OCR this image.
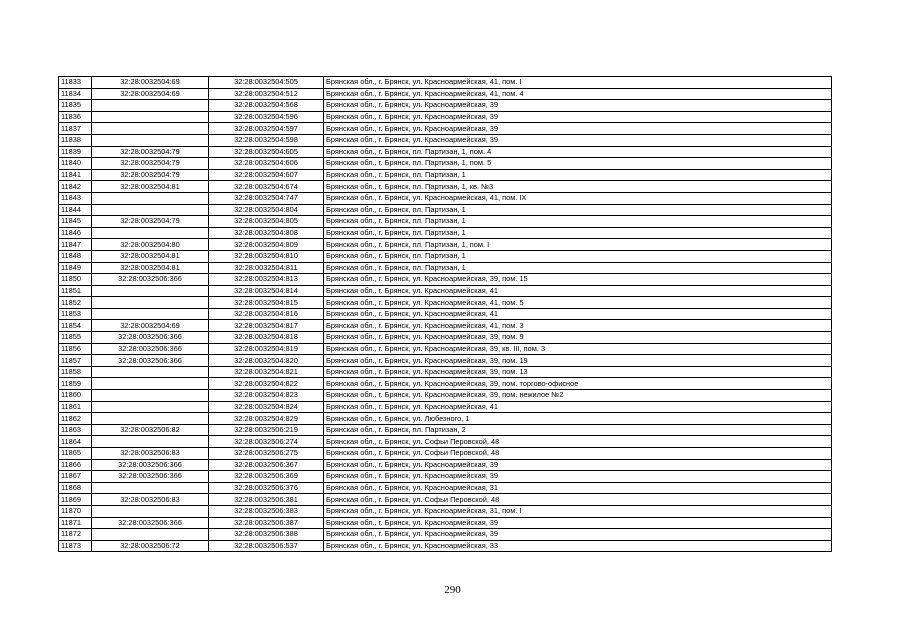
11833	32:28:0032504:69	32:28:0032504:505	Брянская обл., г. Брянск, ул. Красноармейская, 41, пом. I
11834	32:28:0032504:69	32:28:0032504:512	Брянская обл., г. Брянск, ул. Красноармейская, 41, пом. 4
11835		32:28:0032504:568	Брянская обл., г. Брянск, ул. Красноармейская, 39
11836		32:28:0032504:596	Брянская обл., г. Брянск, ул. Красноармейская, 39
11837		32:28:0032504:597	Брянская обл., г. Брянск, ул. Красноармейская, 39
11838		32:28:0032504:598	Брянская обл., г. Брянск, ул. Красноармейская, 39
11839	32:28:0032504:79	32:28:0032504:605	Брянская обл., г. Брянск, пл. Партизан, 1, пом. 4
11840	32:28:0032504:79	32:28:0032504:606	Брянская обл., г. Брянск, пл. Партизан, 1, пом. 5
11841	32:28:0032504:79	32:28:0032504:607	Брянская обл., г. Брянск, пл. Партизан, 1
11842	32:28:0032504:81	32:28:0032504:674	Брянская обл., г. Брянск, пл. Партизан, 1, кв. №3
11843		32:28:0032504:747	Брянская обл., г. Брянск, ул. Красноармейская, 41, пом. IX
11844		32:28:0032504:804	Брянская обл., г. Брянск, пл. Партизан, 1
11845	32:28:0032504:79	32:28:0032504:805	Брянская обл., г. Брянск, пл. Партизан, 1
11846		32:28:0032504:808	Брянская обл., г. Брянск, пл. Партизан, 1
11847	32:28:0032504:80	32:28:0032504:809	Брянская обл., г. Брянск, пл. Партизан, 1, пом. I
11848	32:28:0032504:81	32:28:0032504:810	Брянская обл., г. Брянск, пл. Партизан, 1
11849	32:28:0032504:81	32:28:0032504:811	Брянская обл., г. Брянск, пл. Партизан, 1
11850	32:28:0032506:366	32:28:0032504:813	Брянская обл., г. Брянск, ул. Красноармейская, 39, пом. 15
11851		32:28:0032504:814	Брянская обл., г. Брянск, ул. Красноармейская, 41
11852		32:28:0032504:815	Брянская обл., г. Брянск, ул. Красноармейская, 41, пом. 5
11853		32:28:0032504:816	Брянская обл., г. Брянск, ул. Красноармейская, 41
11854	32:28:0032504:69	32:28:0032504:817	Брянская обл., г. Брянск, ул. Красноармейская, 41, пом. 3
11855	32:28:0032506:366	32:28:0032504:818	Брянская обл., г. Брянск, ул. Красноармейская, 39, пом. 9
11856	32:28:0032506:366	32:28:0032504:819	Брянская обл., г. Брянск, ул. Красноармейская, 39, кв. III, пом. 3
11857	32:28:0032506:366	32:28:0032504:820	Брянская обл., г. Брянск, ул. Красноармейская, 39, пом. 19
11858		32:28:0032504:821	Брянская обл., г. Брянск, ул. Красноармейская, 39, пом. 13
11859		32:28:0032504:822	Брянская обл., г. Брянск, ул. Красноармейская, 39, пом. торгово-офисное
11860		32:28:0032504:823	Брянская обл., г. Брянск, ул. Красноармейская, 39, пом. нежилое №2
11861		32:28:0032504:824	Брянская обл., г. Брянск, ул. Красноармейская, 41
11862		32:28:0032504:829	Брянская обл., г. Брянск, ул. Любезного, 1
11863	32:28:0032506:82	32:28:0032506:219	Брянская обл., г. Брянск, пл. Партизан, 2
11864		32:28:0032506:274	Брянская обл., г. Брянск, ул. Софьи Перовской, 48
11865	32:28:0032506:83	32:28:0032506:275	Брянская обл., г. Брянск, ул. Софьи Перовской, 48
11866	32:28:0032506:366	32:28:0032506:367	Брянская обл., г. Брянск, ул. Красноармейская, 39
11867	32:28:0032506:366	32:28:0032506:369	Брянская обл., г. Брянск, ул. Красноармейская, 39
11868		32:28:0032506:376	Брянская обл., г. Брянск, ул. Красноармейская, 31
11869	32:28:0032506:83	32:28:0032506:381	Брянская обл., г. Брянск, ул. Софьи Перовской, 48
11870		32:28:0032506:383	Брянская обл., г. Брянск, ул. Красноармейская, 31, пом. I
11871	32:28:0032506:366	32:28:0032506:387	Брянская обл., г. Брянск, ул. Красноармейская, 39
11872		32:28:0032506:388	Брянская обл., г. Брянск, ул. Красноармейская, 39
11873	32:28:0032506:72	32:28:0032506:537	Брянская обл., г. Брянск, ул. Красноармейская, 33
290
